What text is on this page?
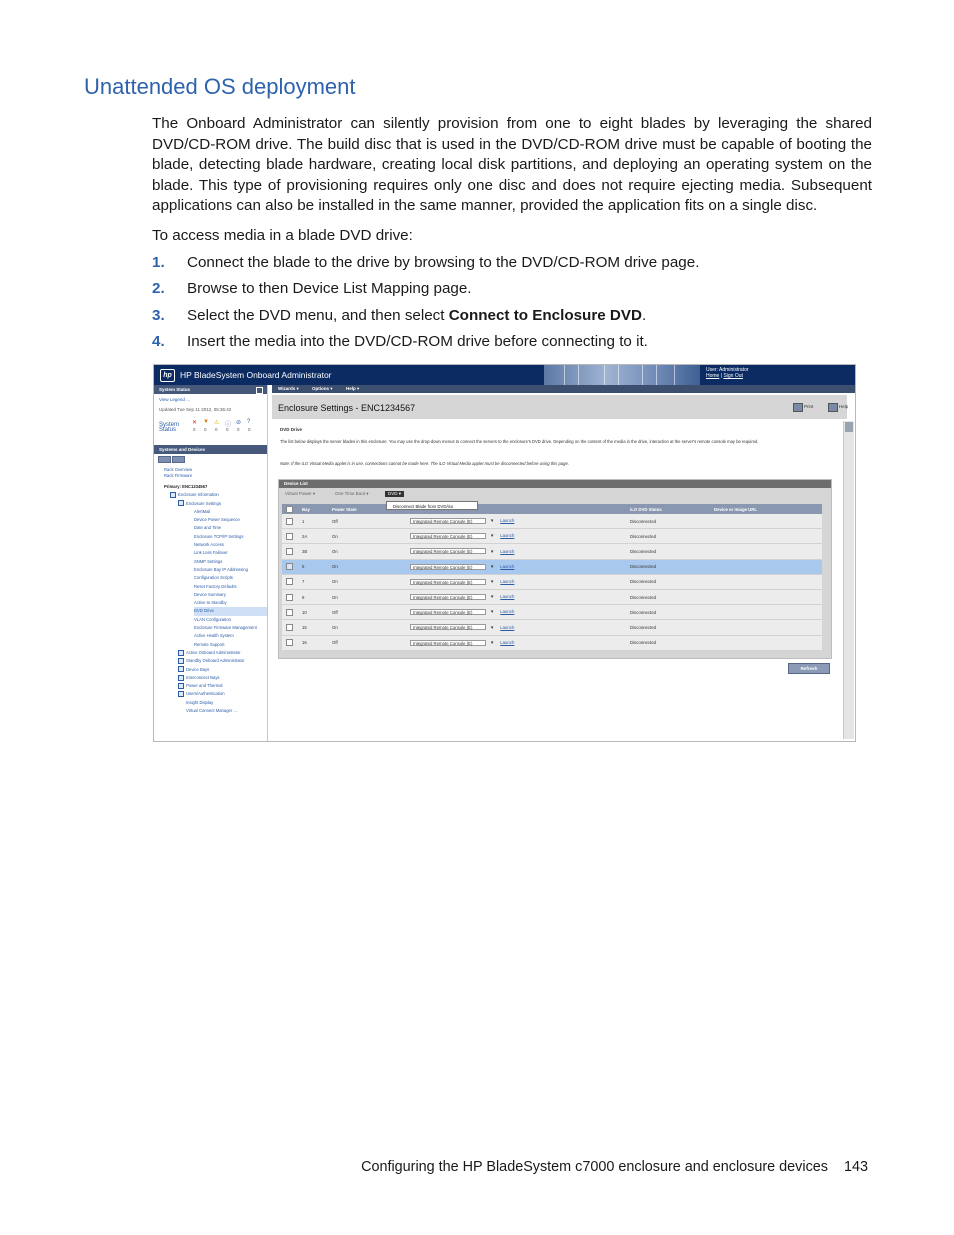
Unattended OS deployment

The Onboard Administrator can silently provision from one to eight blades by leveraging the shared DVD/CD-ROM drive. The build disc that is used in the DVD/CD-ROM drive must be capable of booting the blade, detecting blade hardware, creating local disk partitions, and deploying an operating system on the blade. This type of provisioning requires only one disc and does not require ejecting media. Subsequent applications can also be installed in the same manner, provided the application fits on a single disc.

To access media in a blade DVD drive:

1. Connect the blade to the drive by browsing to the DVD/CD-ROM drive page.
2. Browse to then Device List Mapping page.
3. Select the DVD menu, and then select Connect to Enclosure DVD.
4. Insert the media into the DVD/CD-ROM drive before connecting to it.
hp HP BladeSystem Onboard Administrator	User: Administrator
Home | Sign Out
System Status
View Legend ...
Updated Tue Sep 11 2012, 05:36:42
System Status
✕ ▼ ⚠ ⓘ ⊘ ?
0 0 0 0 0 0
Systems and Devices
Rack Overview
Rack Firmware
Primary: ENC1234567
Enclosure Information
Enclosure Settings
AlertMail
Device Power Sequence
Date and Time
Enclosure TCP/IP Settings
Network Access
Link Loss Failover
SNMP Settings
Enclosure Bay IP Addressing
Configuration Scripts
Reset Factory Defaults
Device Summary
Active to Standby
DVD Drive
VLAN Configuration
Enclosure Firmware Management
Active Health System
Remote Support
Active Onboard Administrator
Standby Onboard Administrator
Device Bays
Interconnect Bays
Power and Thermal
Users/Authentication
Insight Display
Virtual Connect Manager ...
Wizards ▾	Options ▾	Help ▾
Enclosure Settings - ENC1234567	Print	Help
DVD Drive
The list below displays the server blades in this enclosure. You may use the drop-down menus to connect the servers to the enclosure's DVD drive. Depending on the content of the media in the drive, interaction at the server's remote console may be required.
Note: If the iLO Virtual Media applet is in use, connections cannot be made here. The iLO Virtual Media applet must be disconnected before using this page.
Device List
Virtual Power ▾	One Time Boot ▾	DVD ▾
	Bay	Power State		iLO DVD Status	Device or Image URL
	1	Off	Integrated Remote Console (E) ▼ Launch	Disconnected	
	2A	On	Integrated Remote Console (E) ▼ Launch	Disconnected	
	2B	On	Integrated Remote Console (E) ▼ Launch	Disconnected	
	5	On	Integrated Remote Console (E) ▼ Launch	Disconnected	
	7	On	Integrated Remote Console (E) ▼ Launch	Disconnected	
	9	On	Integrated Remote Console (E) ▼ Launch	Disconnected	
	10	Off	Integrated Remote Console (E) ▼ Launch	Disconnected	
	15	On	Integrated Remote Console (E) ▼ Launch	Disconnected	
	16	Off	Integrated Remote Console (E) ▼ Launch	Disconnected	
Disconnect Blade from DVD/iso
Refresh
Configuring the HP BladeSystem c7000 enclosure and enclosure devices 143
